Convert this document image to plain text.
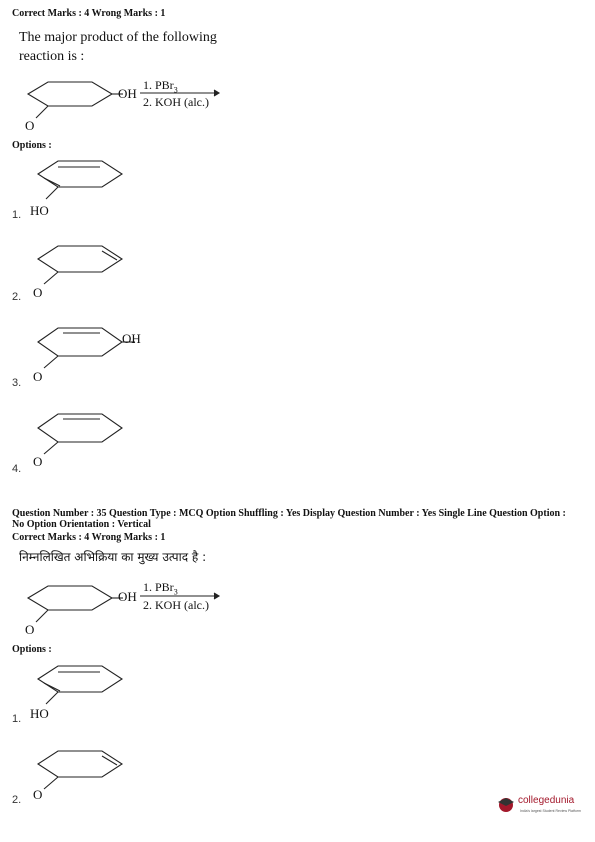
Correct Marks : 4 Wrong Marks : 1
The major product of the following
reaction is :
OH
O
1. PBr$_3$
2. KOH (alc.)
Options :
1. HO
2. O
OH
3. O
4. O
Question Number : 35 Question Type : MCQ Option Shuffling : Yes Display Question Number : Yes Single Line Question Option :
No Option Orientation : Vertical
Correct Marks : 4 Wrong Marks : 1
निम्नलिखित अभिक्रिया का मुख्य उत्पाद है :
OH
O
1. PBr$_3$
2. KOH (alc.)
Options :
1. HO
2. O	collegedunia
India's largest Student Review Platform
